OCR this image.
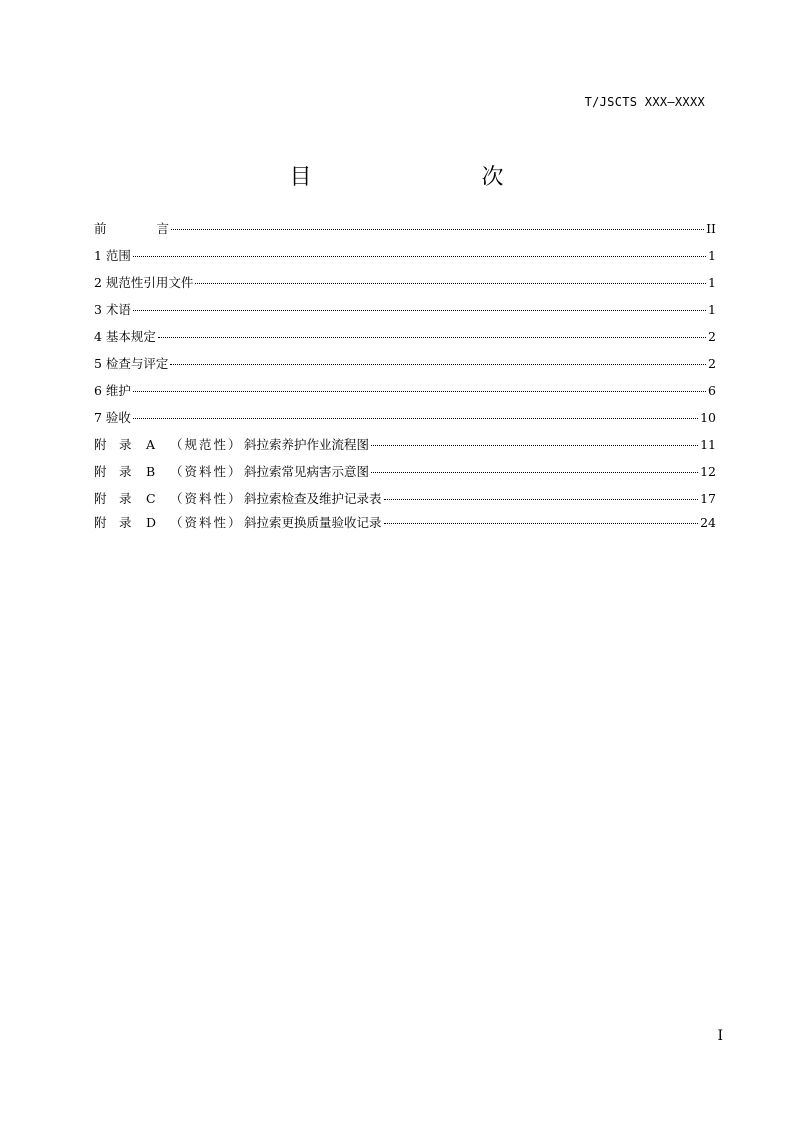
T/JSCTS XXX—XXXX
目　　次
前　　　　言	II
1 范围	1
2 规范性引用文件	1
3 术语	1
4 基本规定	2
5 检查与评定	2
6 维护	6
7 验收	10
附　录	A	（规范性） 斜拉索养护作业流程图	11
附　录	B	（资料性） 斜拉索常见病害示意图	12
附　录	C	（资料性） 斜拉索检查及维护记录表	17
附　录	D	（资料性） 斜拉索更换质量验收记录	24
I
